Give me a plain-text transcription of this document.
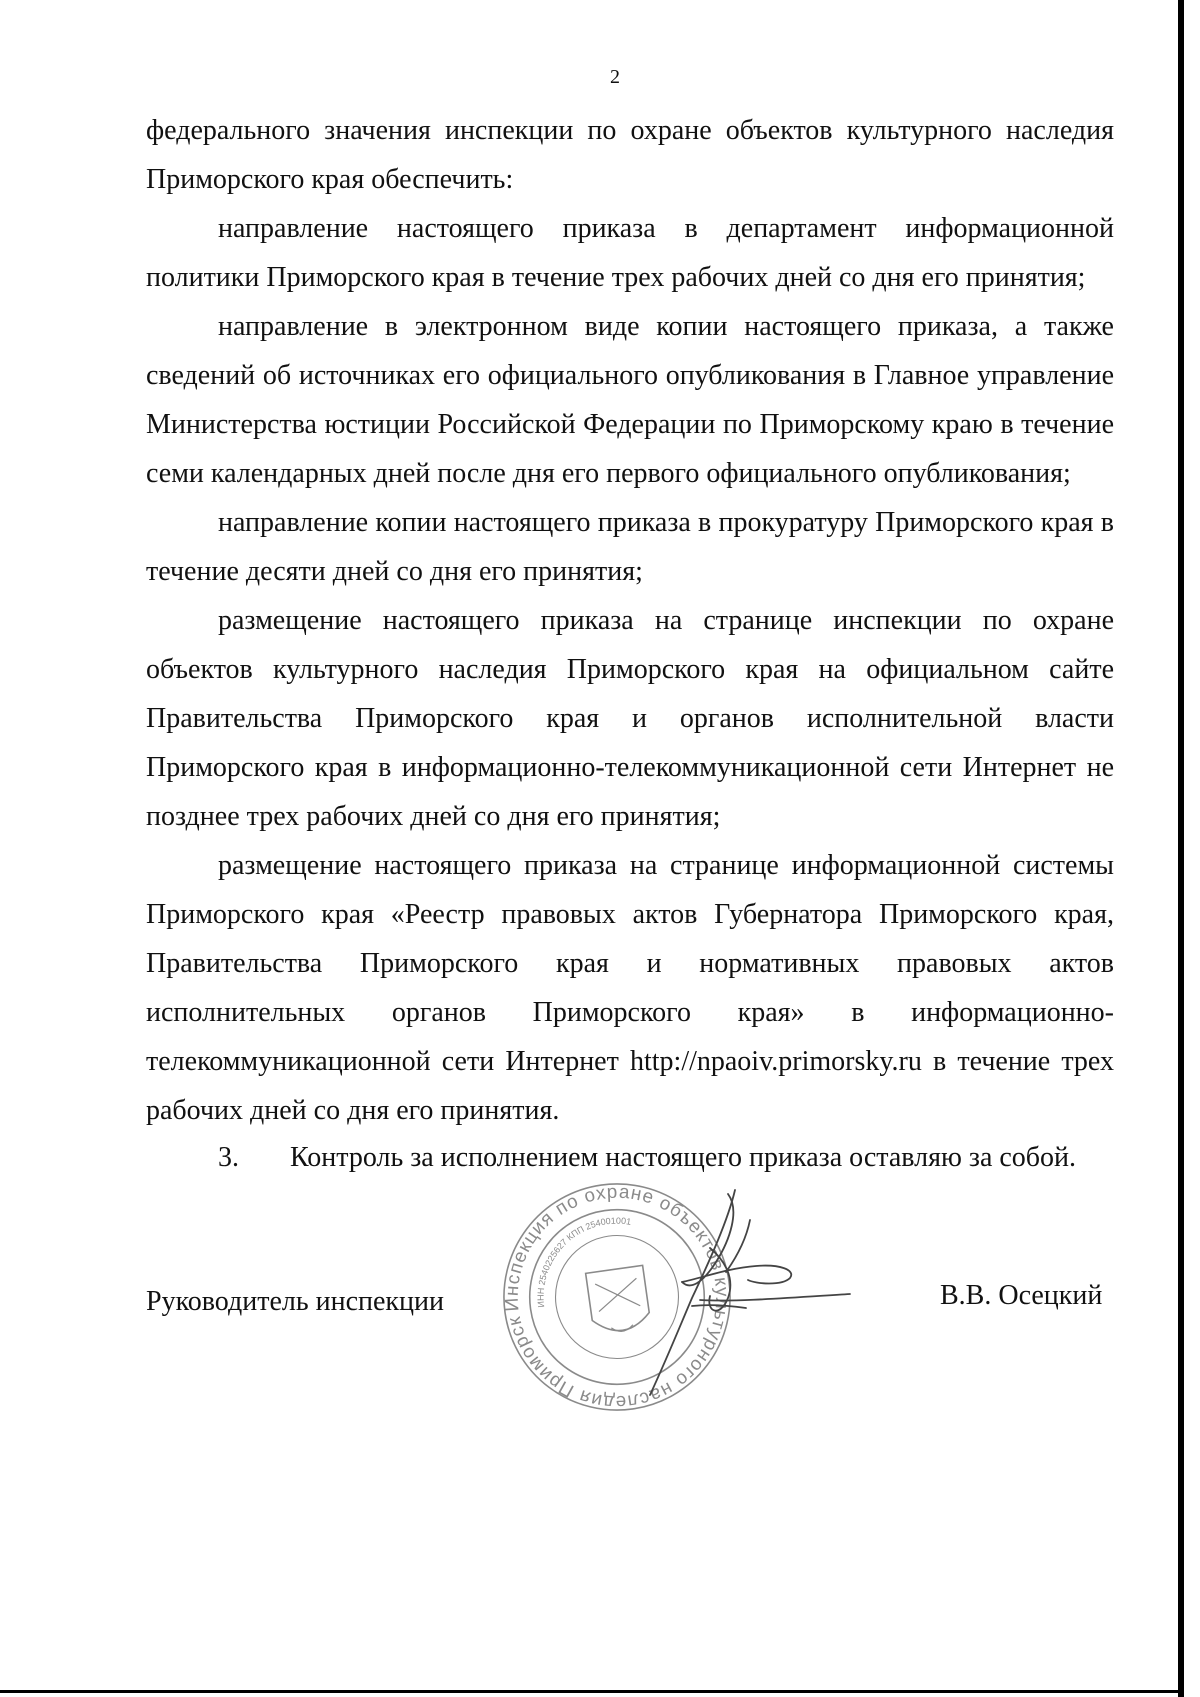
2

федерального значения инспекции по охране объектов культурного наследия Приморского края обеспечить:

направление настоящего приказа в департамент информационной политики Приморского края в течение трех рабочих дней со дня его принятия;

направление в электронном виде копии настоящего приказа, а также сведений об источниках его официального опубликования в Главное управление Министерства юстиции Российской Федерации по Приморскому краю в течение семи календарных дней после дня его первого официального опубликования;

направление копии настоящего приказа в прокуратуру Приморского края в течение десяти дней со дня его принятия;

размещение настоящего приказа на странице инспекции по охране объектов культурного наследия Приморского края на официальном сайте Правительства Приморского края и органов исполнительной власти Приморского края в информационно-телекоммуникационной сети Интернет не позднее трех рабочих дней со дня его принятия;

размещение настоящего приказа на странице информационной системы Приморского края «Реестр правовых актов Губернатора Приморского края, Правительства Приморского края и нормативных правовых актов исполнительных органов Приморского края» в информационно-телекоммуникационной сети Интернет http://npaoiv.primorsky.ru в течение трех рабочих дней со дня его принятия.

3. Контроль за исполнением настоящего приказа оставляю за собой.
Руководитель инспекции	Инспекция по охране объектов культурного наследия Приморского
ИНН 2540225627 КПП 254001001
В.В. Осецкий
